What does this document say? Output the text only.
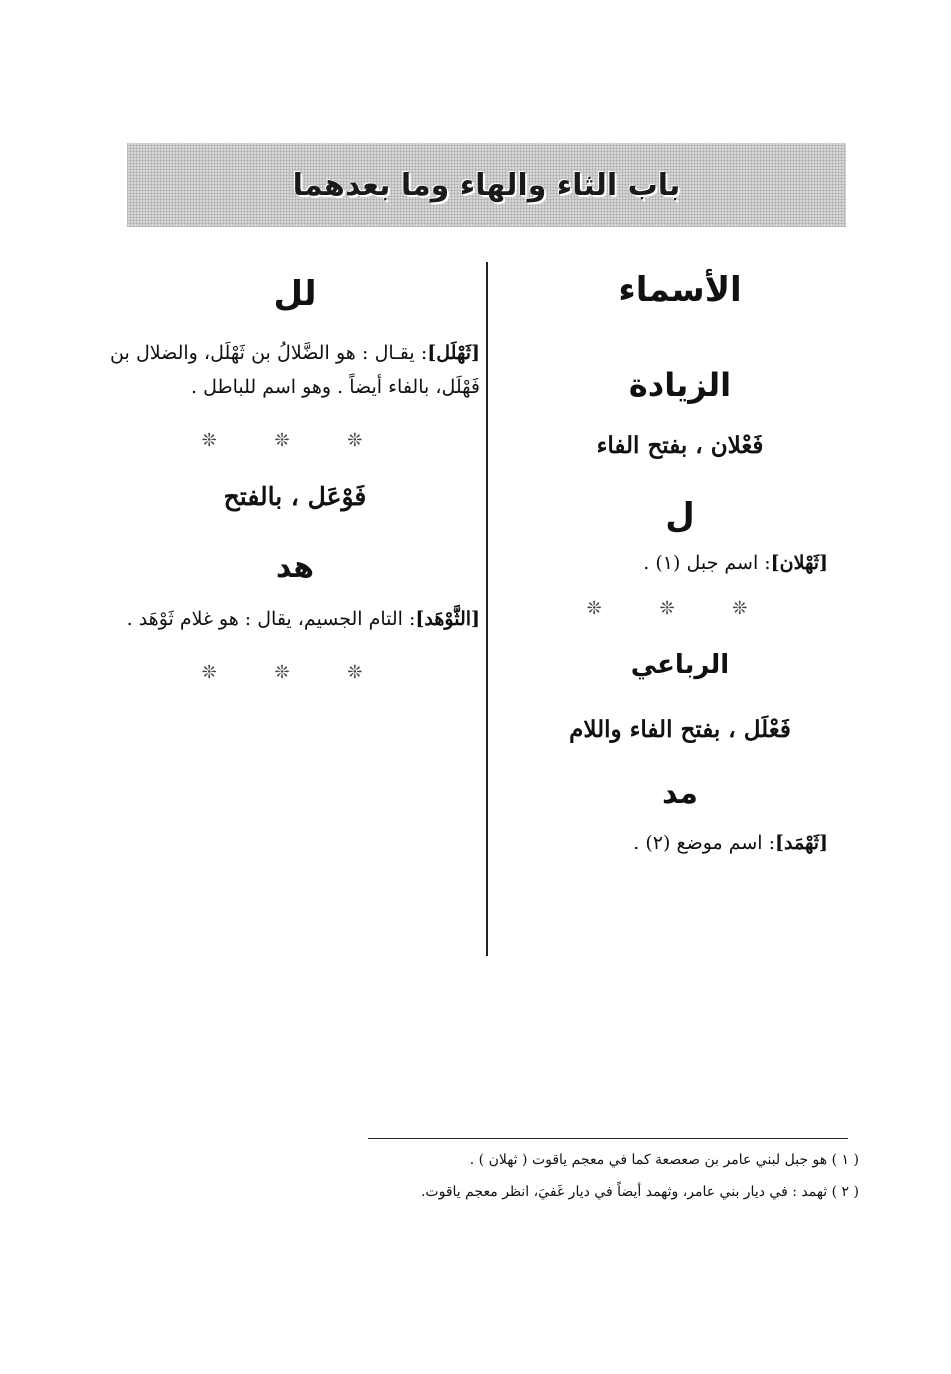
باب الثاء والهاء وما بعدهما
الأسماء
الزيادة
فَعْلان ، بفتح الفاء
ل
[ثَهْلان]: اسم جبل (١) .
❊ ❊ ❊
الرباعي
فَعْلَل ، بفتح الفاء واللام
مد
[ثَهْمَد]: اسم موضع (٢) .
لل
[ثَهْلَل]: يقـال : هو الضَّلالُ بن ثَهْلَل، والضلال بن فَهْلَل، بالفاء أيضاً . وهو اسم للباطل .
❊ ❊ ❊
فَوْعَل ، بالفتح
هد
[الثَّوْهَد]: التام الجسيم، يقال : هو غلام ثَوْهَد .
❊ ❊ ❊
( ١ ) هو جبل لبني عامر بن صعصعة كما في معجم ياقوت ( ثهلان ) .
( ٢ ) ثهمد : في ديار بني عامر، وثهمد أيضاً في ديار غَفيَ، انظر معجم ياقوت.
